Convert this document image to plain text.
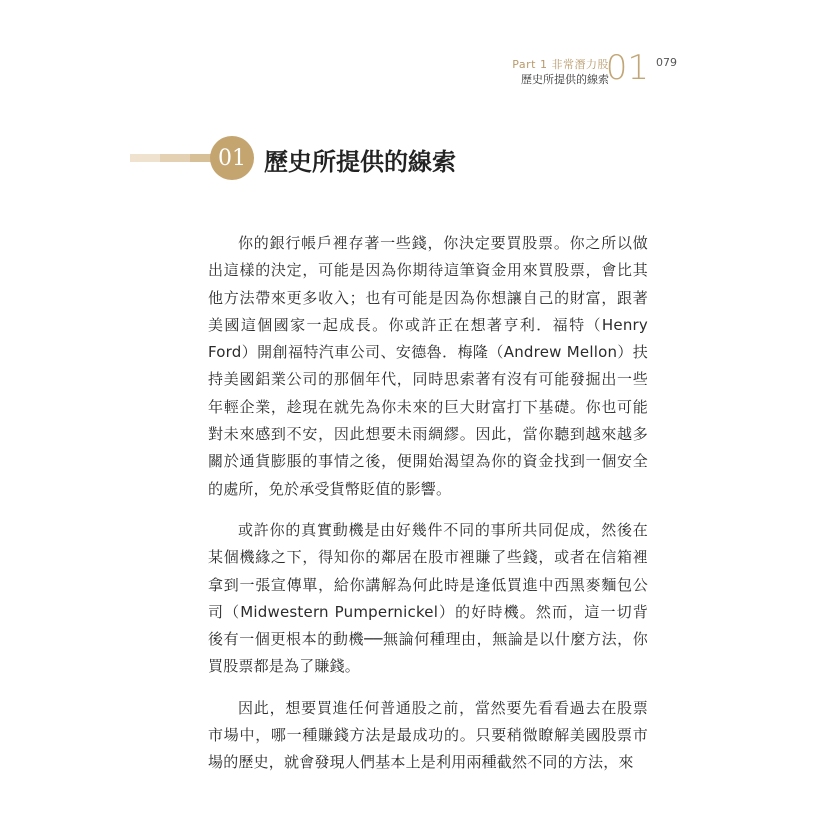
Part 1 非常潛力股
歷史所提供的線索
01 079
01 歷史所提供的線索

你的銀行帳戶裡存著一些錢，你決定要買股票。你之所以做出這樣的決定，可能是因為你期待這筆資金用來買股票，會比其他方法帶來更多收入；也有可能是因為你想讓自己的財富，跟著美國這個國家一起成長。你或許正在想著亨利．福特（Henry Ford）開創福特汽車公司、安德魯．梅隆（Andrew Mellon）扶持美國鋁業公司的那個年代，同時思索著有沒有可能發掘出一些年輕企業，趁現在就先為你未來的巨大財富打下基礎。你也可能對未來感到不安，因此想要未雨綢繆。因此，當你聽到越來越多關於通貨膨脹的事情之後，便開始渴望為你的資金找到一個安全的處所，免於承受貨幣貶值的影響。

或許你的真實動機是由好幾件不同的事所共同促成，然後在某個機緣之下，得知你的鄰居在股市裡賺了些錢，或者在信箱裡拿到一張宣傳單，給你講解為何此時是逢低買進中西黑麥麵包公司（Midwestern Pumpernickel）的好時機。然而，這一切背後有一個更根本的動機──無論何種理由，無論是以什麼方法，你買股票都是為了賺錢。

因此，想要買進任何普通股之前，當然要先看看過去在股票市場中，哪一種賺錢方法是最成功的。只要稍微瞭解美國股票市場的歷史，就會發現人們基本上是利用兩種截然不同的方法，來
